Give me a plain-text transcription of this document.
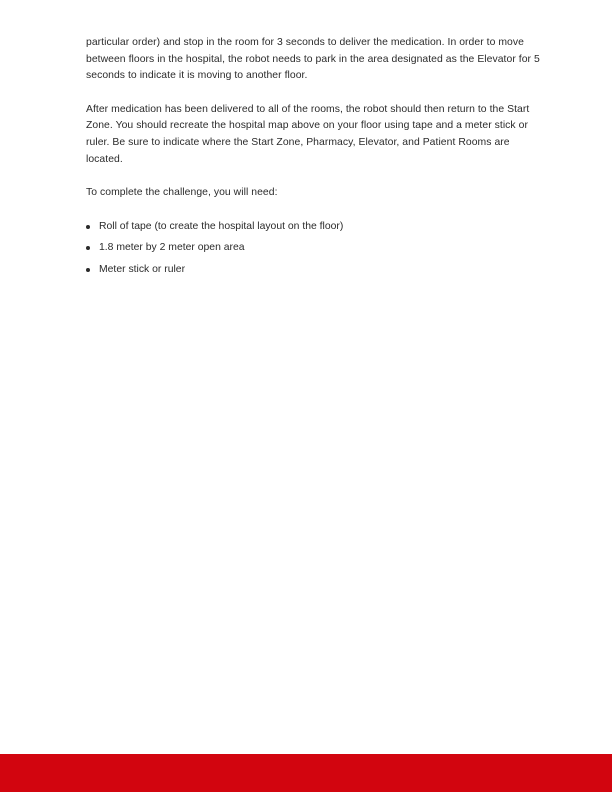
particular order) and stop in the room for 3 seconds to deliver the medication. In order to move between floors in the hospital, the robot needs to park in the area designated as the Elevator for 5 seconds to indicate it is moving to another floor.

After medication has been delivered to all of the rooms, the robot should then return to the Start Zone. You should recreate the hospital map above on your floor using tape and a meter stick or ruler. Be sure to indicate where the Start Zone, Pharmacy, Elevator, and Patient Rooms are located.

To complete the challenge, you will need:

Roll of tape (to create the hospital layout on the floor)
1.8 meter by 2 meter open area
Meter stick or ruler
